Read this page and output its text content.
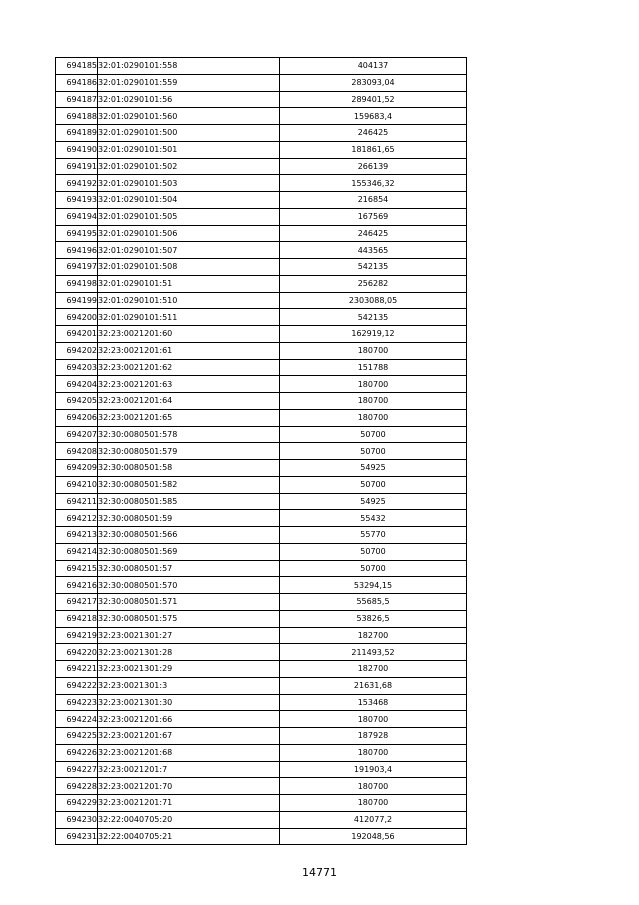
694185	32:01:0290101:558	404137
694186	32:01:0290101:559	283093,04
694187	32:01:0290101:56	289401,52
694188	32:01:0290101:560	159683,4
694189	32:01:0290101:500	246425
694190	32:01:0290101:501	181861,65
694191	32:01:0290101:502	266139
694192	32:01:0290101:503	155346,32
694193	32:01:0290101:504	216854
694194	32:01:0290101:505	167569
694195	32:01:0290101:506	246425
694196	32:01:0290101:507	443565
694197	32:01:0290101:508	542135
694198	32:01:0290101:51	256282
694199	32:01:0290101:510	2303088,05
694200	32:01:0290101:511	542135
694201	32:23:0021201:60	162919,12
694202	32:23:0021201:61	180700
694203	32:23:0021201:62	151788
694204	32:23:0021201:63	180700
694205	32:23:0021201:64	180700
694206	32:23:0021201:65	180700
694207	32:30:0080501:578	50700
694208	32:30:0080501:579	50700
694209	32:30:0080501:58	54925
694210	32:30:0080501:582	50700
694211	32:30:0080501:585	54925
694212	32:30:0080501:59	55432
694213	32:30:0080501:566	55770
694214	32:30:0080501:569	50700
694215	32:30:0080501:57	50700
694216	32:30:0080501:570	53294,15
694217	32:30:0080501:571	55685,5
694218	32:30:0080501:575	53826,5
694219	32:23:0021301:27	182700
694220	32:23:0021301:28	211493,52
694221	32:23:0021301:29	182700
694222	32:23:0021301:3	21631,68
694223	32:23:0021301:30	153468
694224	32:23:0021201:66	180700
694225	32:23:0021201:67	187928
694226	32:23:0021201:68	180700
694227	32:23:0021201:7	191903,4
694228	32:23:0021201:70	180700
694229	32:23:0021201:71	180700
694230	32:22:0040705:20	412077,2
694231	32:22:0040705:21	192048,56
14771
